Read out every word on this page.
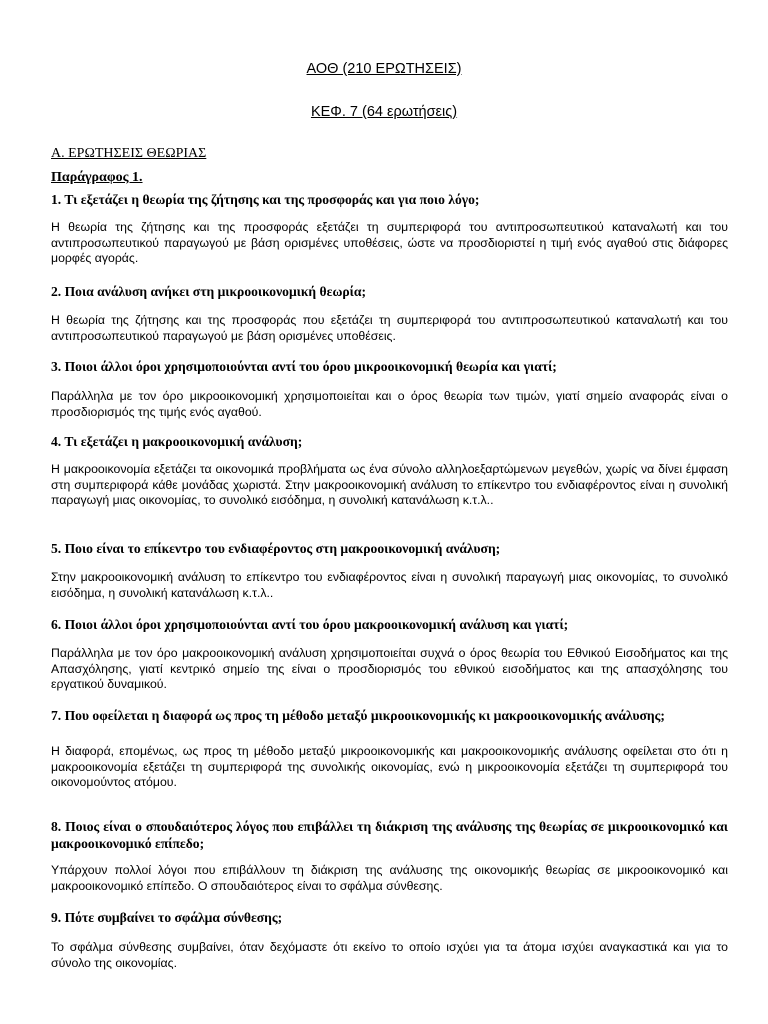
ΑΟΘ (210 ΕΡΩΤΗΣΕΙΣ)
ΚΕΦ. 7 (64 ερωτήσεις)
Α. ΕΡΩΤΗΣΕΙΣ ΘΕΩΡΙΑΣ
Παράγραφος 1.
1. Τι εξετάζει η θεωρία της ζήτησης και της προσφοράς και για ποιο λόγο;
Η θεωρία της ζήτησης και της προσφοράς εξετάζει τη συμπεριφορά του αντιπροσωπευτικού καταναλωτή και του αντιπροσωπευτικού παραγωγού με βάση ορισμένες υποθέσεις, ώστε να προσδιοριστεί η τιμή ενός αγαθού στις διάφορες μορφές αγοράς.
2. Ποια ανάλυση ανήκει στη μικροοικονομική θεωρία;
Η θεωρία της ζήτησης και της προσφοράς που εξετάζει τη συμπεριφορά του αντιπροσωπευτικού καταναλωτή και του αντιπροσωπευτικού παραγωγού με βάση ορισμένες υποθέσεις.
3. Ποιοι άλλοι όροι χρησιμοποιούνται αντί του όρου μικροοικονομική θεωρία και γιατί;
Παράλληλα με τον όρο μικροοικονομική χρησιμοποιείται και ο όρος θεωρία των τιμών, γιατί σημείο αναφοράς είναι ο προσδιορισμός της τιμής ενός αγαθού.
4. Τι εξετάζει η μακροοικονομική ανάλυση;
Η μακροοικονομία εξετάζει τα οικονομικά προβλήματα ως ένα σύνολο αλληλοεξαρτώμενων μεγεθών, χωρίς να δίνει έμφαση στη συμπεριφορά κάθε μονάδας χωριστά. Στην μακροοικονομική ανάλυση το επίκεντρο του ενδιαφέροντος είναι η συνολική παραγωγή μιας οικονομίας, το συνολικό εισόδημα, η συνολική κατανάλωση κ.τ.λ..
5. Ποιο είναι το επίκεντρο του ενδιαφέροντος στη μακροοικονομική ανάλυση;
Στην μακροοικονομική ανάλυση το επίκεντρο του ενδιαφέροντος είναι η συνολική παραγωγή μιας οικονομίας, το συνολικό εισόδημα, η συνολική κατανάλωση κ.τ.λ..
6. Ποιοι άλλοι όροι χρησιμοποιούνται αντί του όρου μακροοικονομική ανάλυση και γιατί;
Παράλληλα με τον όρο μακροοικονομική ανάλυση χρησιμοποιείται συχνά ο όρος θεωρία του Εθνικού Εισοδήματος και της Απασχόλησης, γιατί κεντρικό σημείο της είναι ο προσδιορισμός του εθνικού εισοδήματος και της απασχόλησης του εργατικού δυναμικού.
7. Που οφείλεται η διαφορά ως προς τη μέθοδο μεταξύ μικροοικονομικής κι μακροοικονομικής ανάλυσης;
Η διαφορά, επομένως, ως προς τη μέθοδο μεταξύ μικροοικονομικής και μακροοικονομικής ανάλυσης οφείλεται στο ότι η μακροοικονομία εξετάζει τη συμπεριφορά της συνολικής οικονομίας, ενώ η μικροοικονομία εξετάζει τη συμπεριφορά του οικονομούντος ατόμου.
8. Ποιος είναι ο σπουδαιότερος λόγος που επιβάλλει τη διάκριση της ανάλυσης της θεωρίας σε μικροοικονομικό και μακροοικονομικό επίπεδο;
Υπάρχουν πολλοί λόγοι που επιβάλλουν τη διάκριση της ανάλυσης της οικονομικής θεωρίας σε μικροοικονομικό και μακροοικονομικό επίπεδο. Ο σπουδαιότερος είναι το σφάλμα σύνθεσης.
9. Πότε συμβαίνει το σφάλμα σύνθεσης;
Το σφάλμα σύνθεσης συμβαίνει, όταν δεχόμαστε ότι εκείνο το οποίο ισχύει για τα άτομα ισχύει αναγκαστικά και για το σύνολο της οικονομίας.
